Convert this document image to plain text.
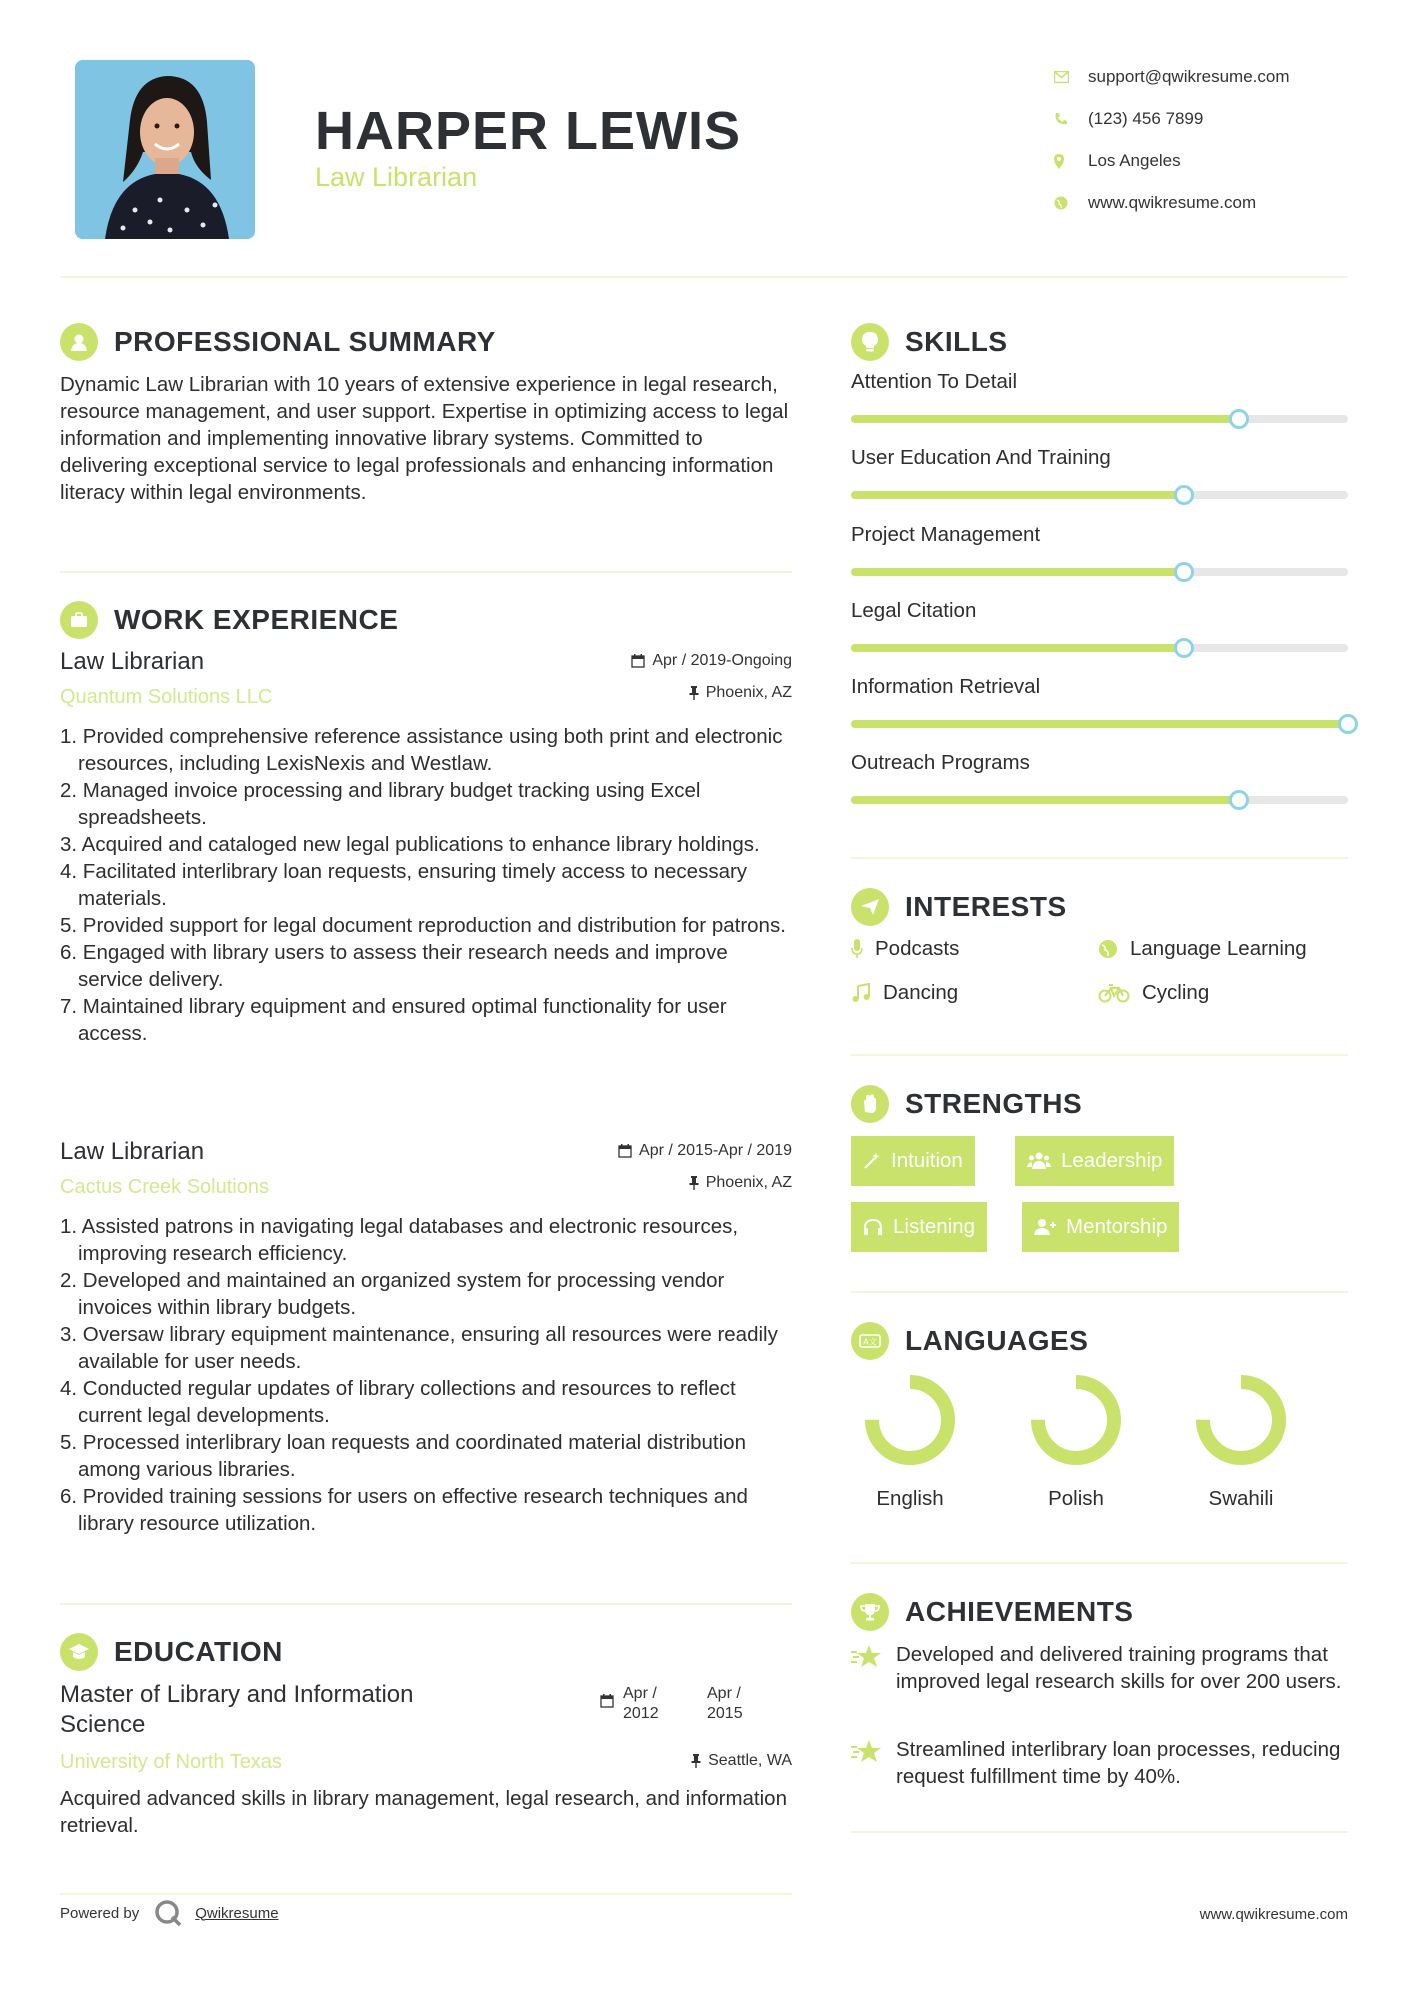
HARPER LEWIS
Law Librarian
support@qwikresume.com
(123) 456 7899
Los Angeles
www.qwikresume.com
PROFESSIONAL SUMMARY
Dynamic Law Librarian with 10 years of extensive experience in legal research, resource management, and user support. Expertise in optimizing access to legal information and implementing innovative library systems. Committed to delivering exceptional service to legal professionals and enhancing information literacy within legal environments.
WORK EXPERIENCE
Law Librarian
Quantum Solutions LLC
Apr / 2019-Ongoing
Phoenix, AZ
1. Provided comprehensive reference assistance using both print and electronic resources, including LexisNexis and Westlaw.
2. Managed invoice processing and library budget tracking using Excel spreadsheets.
3. Acquired and cataloged new legal publications to enhance library holdings.
4. Facilitated interlibrary loan requests, ensuring timely access to necessary materials.
5. Provided support for legal document reproduction and distribution for patrons.
6. Engaged with library users to assess their research needs and improve service delivery.
7. Maintained library equipment and ensured optimal functionality for user access.
Law Librarian
Cactus Creek Solutions
Apr / 2015-Apr / 2019
Phoenix, AZ
1. Assisted patrons in navigating legal databases and electronic resources, improving research efficiency.
2. Developed and maintained an organized system for processing vendor invoices within library budgets.
3. Oversaw library equipment maintenance, ensuring all resources were readily available for user needs.
4. Conducted regular updates of library collections and resources to reflect current legal developments.
5. Processed interlibrary loan requests and coordinated material distribution among various libraries.
6. Provided training sessions for users on effective research techniques and library resource utilization.
EDUCATION
Master of Library and Information Science
Apr / 2012
Apr / 2015
University of North Texas	Seattle, WA
Acquired advanced skills in library management, legal research, and information retrieval.
SKILLS
Attention To Detail
User Education And Training
Project Management
Legal Citation
Information Retrieval
Outreach Programs
INTERESTS
Podcasts	Language Learning
Dancing	Cycling
STRENGTHS
Intuition	Leadership
Listening	Mentorship
A文 LANGUAGES
English	Polish	Swahili
ACHIEVEMENTS
Developed and delivered training programs that improved legal research skills for over 200 users.
Streamlined interlibrary loan processes, reducing request fulfillment time by 40%.
Powered by	Qwikresume	www.qwikresume.com
